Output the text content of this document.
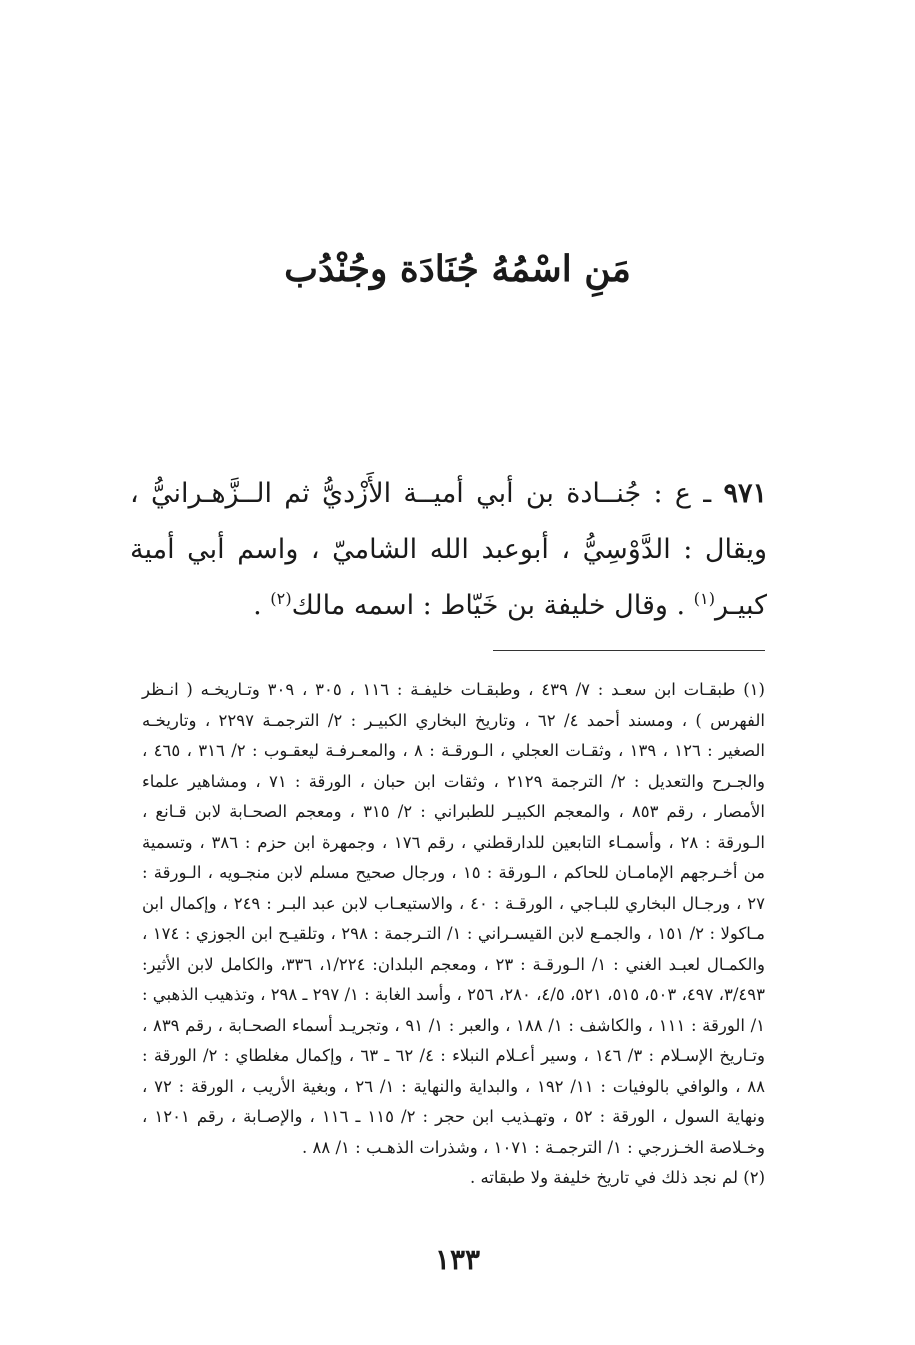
مَنِ اسْمُهُ جُنَادَة وجُنْدُب
٩٧١ ـ ع : جُنــادة بن أبي أميــة الأَزْديُّ ثم الــزَّهـرانيُّ ، ويقال : الدَّوْسِيُّ ، أبوعبد الله الشاميّ ، واسم أبي أمية كبيـر$^{(١)}$ . وقال خليفة بن خَيّاط : اسمه مالك$^{(٢)}$ .

(١) طبقـات ابن سعـد : ٧/ ٤٣٩ ، وطبقـات خليفـة : ١١٦ ، ٣٠٥ ، ٣٠٩ وتـاريخـه ( انـظر الفهرس ) ، ومسند أحمد ٤/ ٦٢ ، وتاريخ البخاري الكبيـر : ٢/ الترجمـة ٢٢٩٧ ، وتاريخـه الصغير : ١٢٦ ، ١٣٩ ، وثقـات العجلي ، الـورقـة : ٨ ، والمعـرفـة ليعقـوب : ٢/ ٣١٦ ، ٤٦٥ ، والجـرح والتعديل : ٢/ الترجمة ٢١٢٩ ، وثقات ابن حبان ، الورقة : ٧١ ، ومشاهير علماء الأمصار ، رقم ٨٥٣ ، والمعجم الكبيـر للطبراني : ٢/ ٣١٥ ، ومعجم الصحـابة لابن قـانع ، الـورقة : ٢٨ ، وأسمـاء التابعين للدارقطني ، رقم ١٧٦ ، وجمهرة ابن حزم : ٣٨٦ ، وتسمية من أخـرجهم الإمامـان للحاكم ، الـورقة : ١٥ ، ورجال صحيح مسلم لابن منجـويه ، الـورقة : ٢٧ ، ورجـال البخاري للبـاجي ، الورقـة : ٤٠ ، والاستيعـاب لابن عبد البـر : ٢٤٩ ، وإكمال ابن مـاكولا : ٢/ ١٥١ ، والجمـع لابن القيسـراني : ١/ التـرجمة : ٢٩٨ ، وتلقيـح ابن الجوزي : ١٧٤ ، والكمـال لعبـد الغني : ١/ الـورقـة : ٢٣ ، ومعجم البلدان: ١/٢٢٤، ٣٣٦، والكامل لابن الأثير: ٣/٤٩٣، ٤٩٧، ٥٠٣، ٥١٥، ٥٢١، ٤/٥، ٢٨٠، ٢٥٦ ، وأسد الغابة : ١/ ٢٩٧ ـ ٢٩٨ ، وتذهيب الذهبي : ١/ الورقة : ١١١ ، والكاشف : ١/ ١٨٨ ، والعبر : ١/ ٩١ ، وتجريـد أسماء الصحـابة ، رقم ٨٣٩ ، وتـاريخ الإسـلام : ٣/ ١٤٦ ، وسير أعـلام النبلاء : ٤/ ٦٢ ـ ٦٣ ، وإكمال مغلطاي : ٢/ الورقة : ٨٨ ، والوافي بالوفيات : ١١/ ١٩٢ ، والبداية والنهاية : ١/ ٢٦ ، وبغية الأريب ، الورقة : ٧٢ ، ونهاية السول ، الورقة : ٥٢ ، وتهـذيب ابن حجر : ٢/ ١١٥ ـ ١١٦ ، والإصـابة ، رقم ١٢٠١ ، وخـلاصة الخـزرجي : ١/ الترجمـة : ١٠٧١ ، وشذرات الذهـب : ١/ ٨٨ .

(٢) لم نجد ذلك في تاريخ خليفة ولا طبقاته .

١٣٣
